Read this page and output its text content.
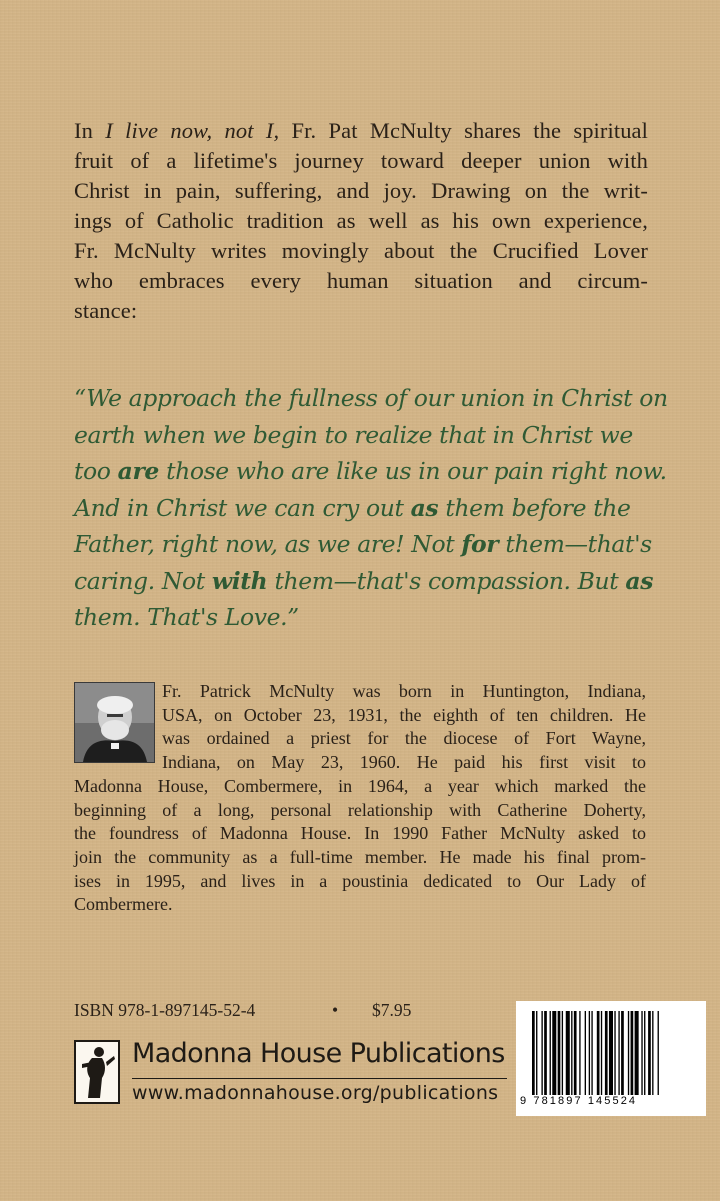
In I live now, not I, Fr. Pat McNulty shares the spiritual
fruit of a lifetime's journey toward deeper union with
Christ in pain, suffering, and joy. Drawing on the writ-
ings of Catholic tradition as well as his own experience,
Fr. McNulty writes movingly about the Crucified Lover
who embraces every human situation and circum-
stance:

“We approach the fullness of our union in Christ on
earth when we begin to realize that in Christ we
too are those who are like us in our pain right now.
And in Christ we can cry out as them before the
Father, right now, as we are! Not for them—that's
caring. Not with them—that's compassion. But as
them. That's Love.”
Fr. Patrick McNulty was born in Huntington, Indiana,
USA, on October 23, 1931, the eighth of ten children. He
was ordained a priest for the diocese of Fort Wayne,
Indiana, on May 23, 1960. He paid his first visit to
Madonna House, Combermere, in 1964, a year which marked the
beginning of a long, personal relationship with Catherine Doherty,
the foundress of Madonna House. In 1990 Father McNulty asked to
join the community as a full-time member. He made his final prom-
ises in 1995, and lives in a poustinia dedicated to Our Lady of
Combermere.
ISBN 978-1-897145-52-4	• $7.95
Madonna House Publications
www.madonnahouse.org/publications 9 781897 145524
